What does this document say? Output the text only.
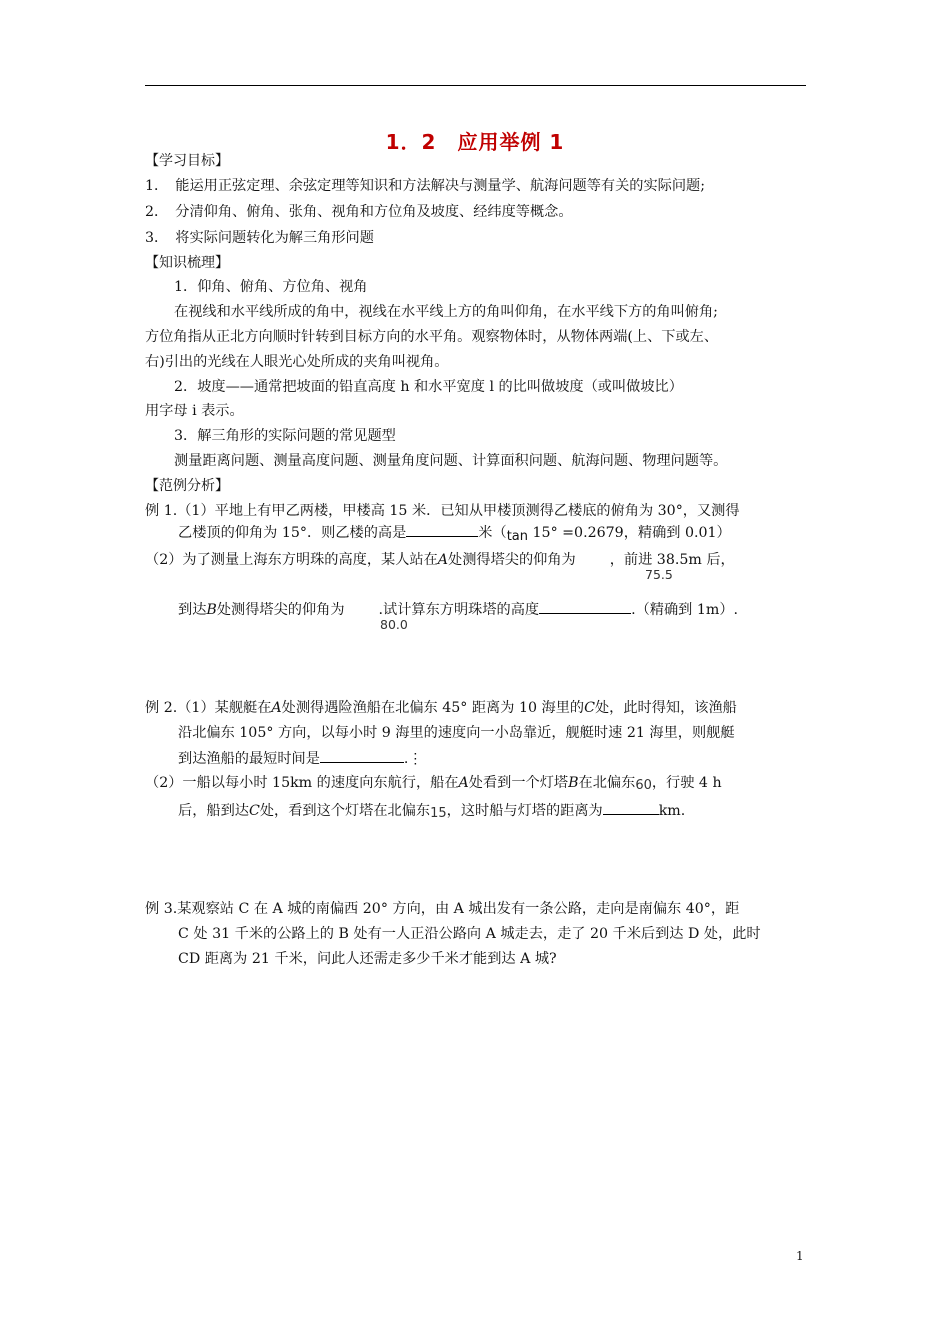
1．2　应用举例 1
【学习目标】
1．　能运用正弦定理、余弦定理等知识和方法解决与测量学、航海问题等有关的实际问题;
2．　分清仰角、俯角、张角、视角和方位角及坡度、经纬度等概念。
3．　将实际问题转化为解三角形问题
【知识梳理】
1．仰角、俯角、方位角、视角
在视线和水平线所成的角中，视线在水平线上方的角叫仰角，在水平线下方的角叫俯角;
方位角指从正北方向顺时针转到目标方向的水平角。观察物体时，从物体两端(上、下或左、
右)引出的光线在人眼光心处所成的夹角叫视角。
2．坡度——通常把坡面的铅直高度 h 和水平宽度 l 的比叫做坡度（或叫做坡比）
用字母 i 表示。
3．解三角形的实际问题的常见题型
测量距离问题、测量高度问题、测量角度问题、计算面积问题、航海问题、物理问题等。
【范例分析】
例 1.（1）平地上有甲乙两楼，甲楼高 15 米．已知从甲楼顶测得乙楼底的俯角为 30°，又测得
乙楼顶的仰角为 15°．则乙楼的高是	米（tan 15° =0.2679，精确到 0.01）
（2）为了测量上海东方明珠的高度，某人站在A处测得塔尖的仰角为 ，前进 38.5m 后，
75.5
到达B处测得塔尖的仰角为 .试计算东方明珠塔的高度	.（精确到 1m）.
80.0
例 2.（1）某舰艇在A处测得遇险渔船在北偏东 45° 距离为 10 海里的C处，此时得知，该渔船
沿北偏东 105° 方向，以每小时 9 海里的速度向一小岛靠近，舰艇时速 21 海里，则舰艇
到达渔船的最短时间是	.⋮
（2）一船以每小时 15km 的速度向东航行，船在A处看到一个灯塔B在北偏东60，行驶 4 h
后，船到达C处，看到这个灯塔在北偏东15，这时船与灯塔的距离为	km.
例 3.某观察站 C 在 A 城的南偏西 20° 方向，由 A 城出发有一条公路，走向是南偏东 40°，距
C 处 31 千米的公路上的 B 处有一人正沿公路向 A 城走去，走了 20 千米后到达 D 处，此时
CD 距离为 21 千米，问此人还需走多少千米才能到达 A 城?
1
